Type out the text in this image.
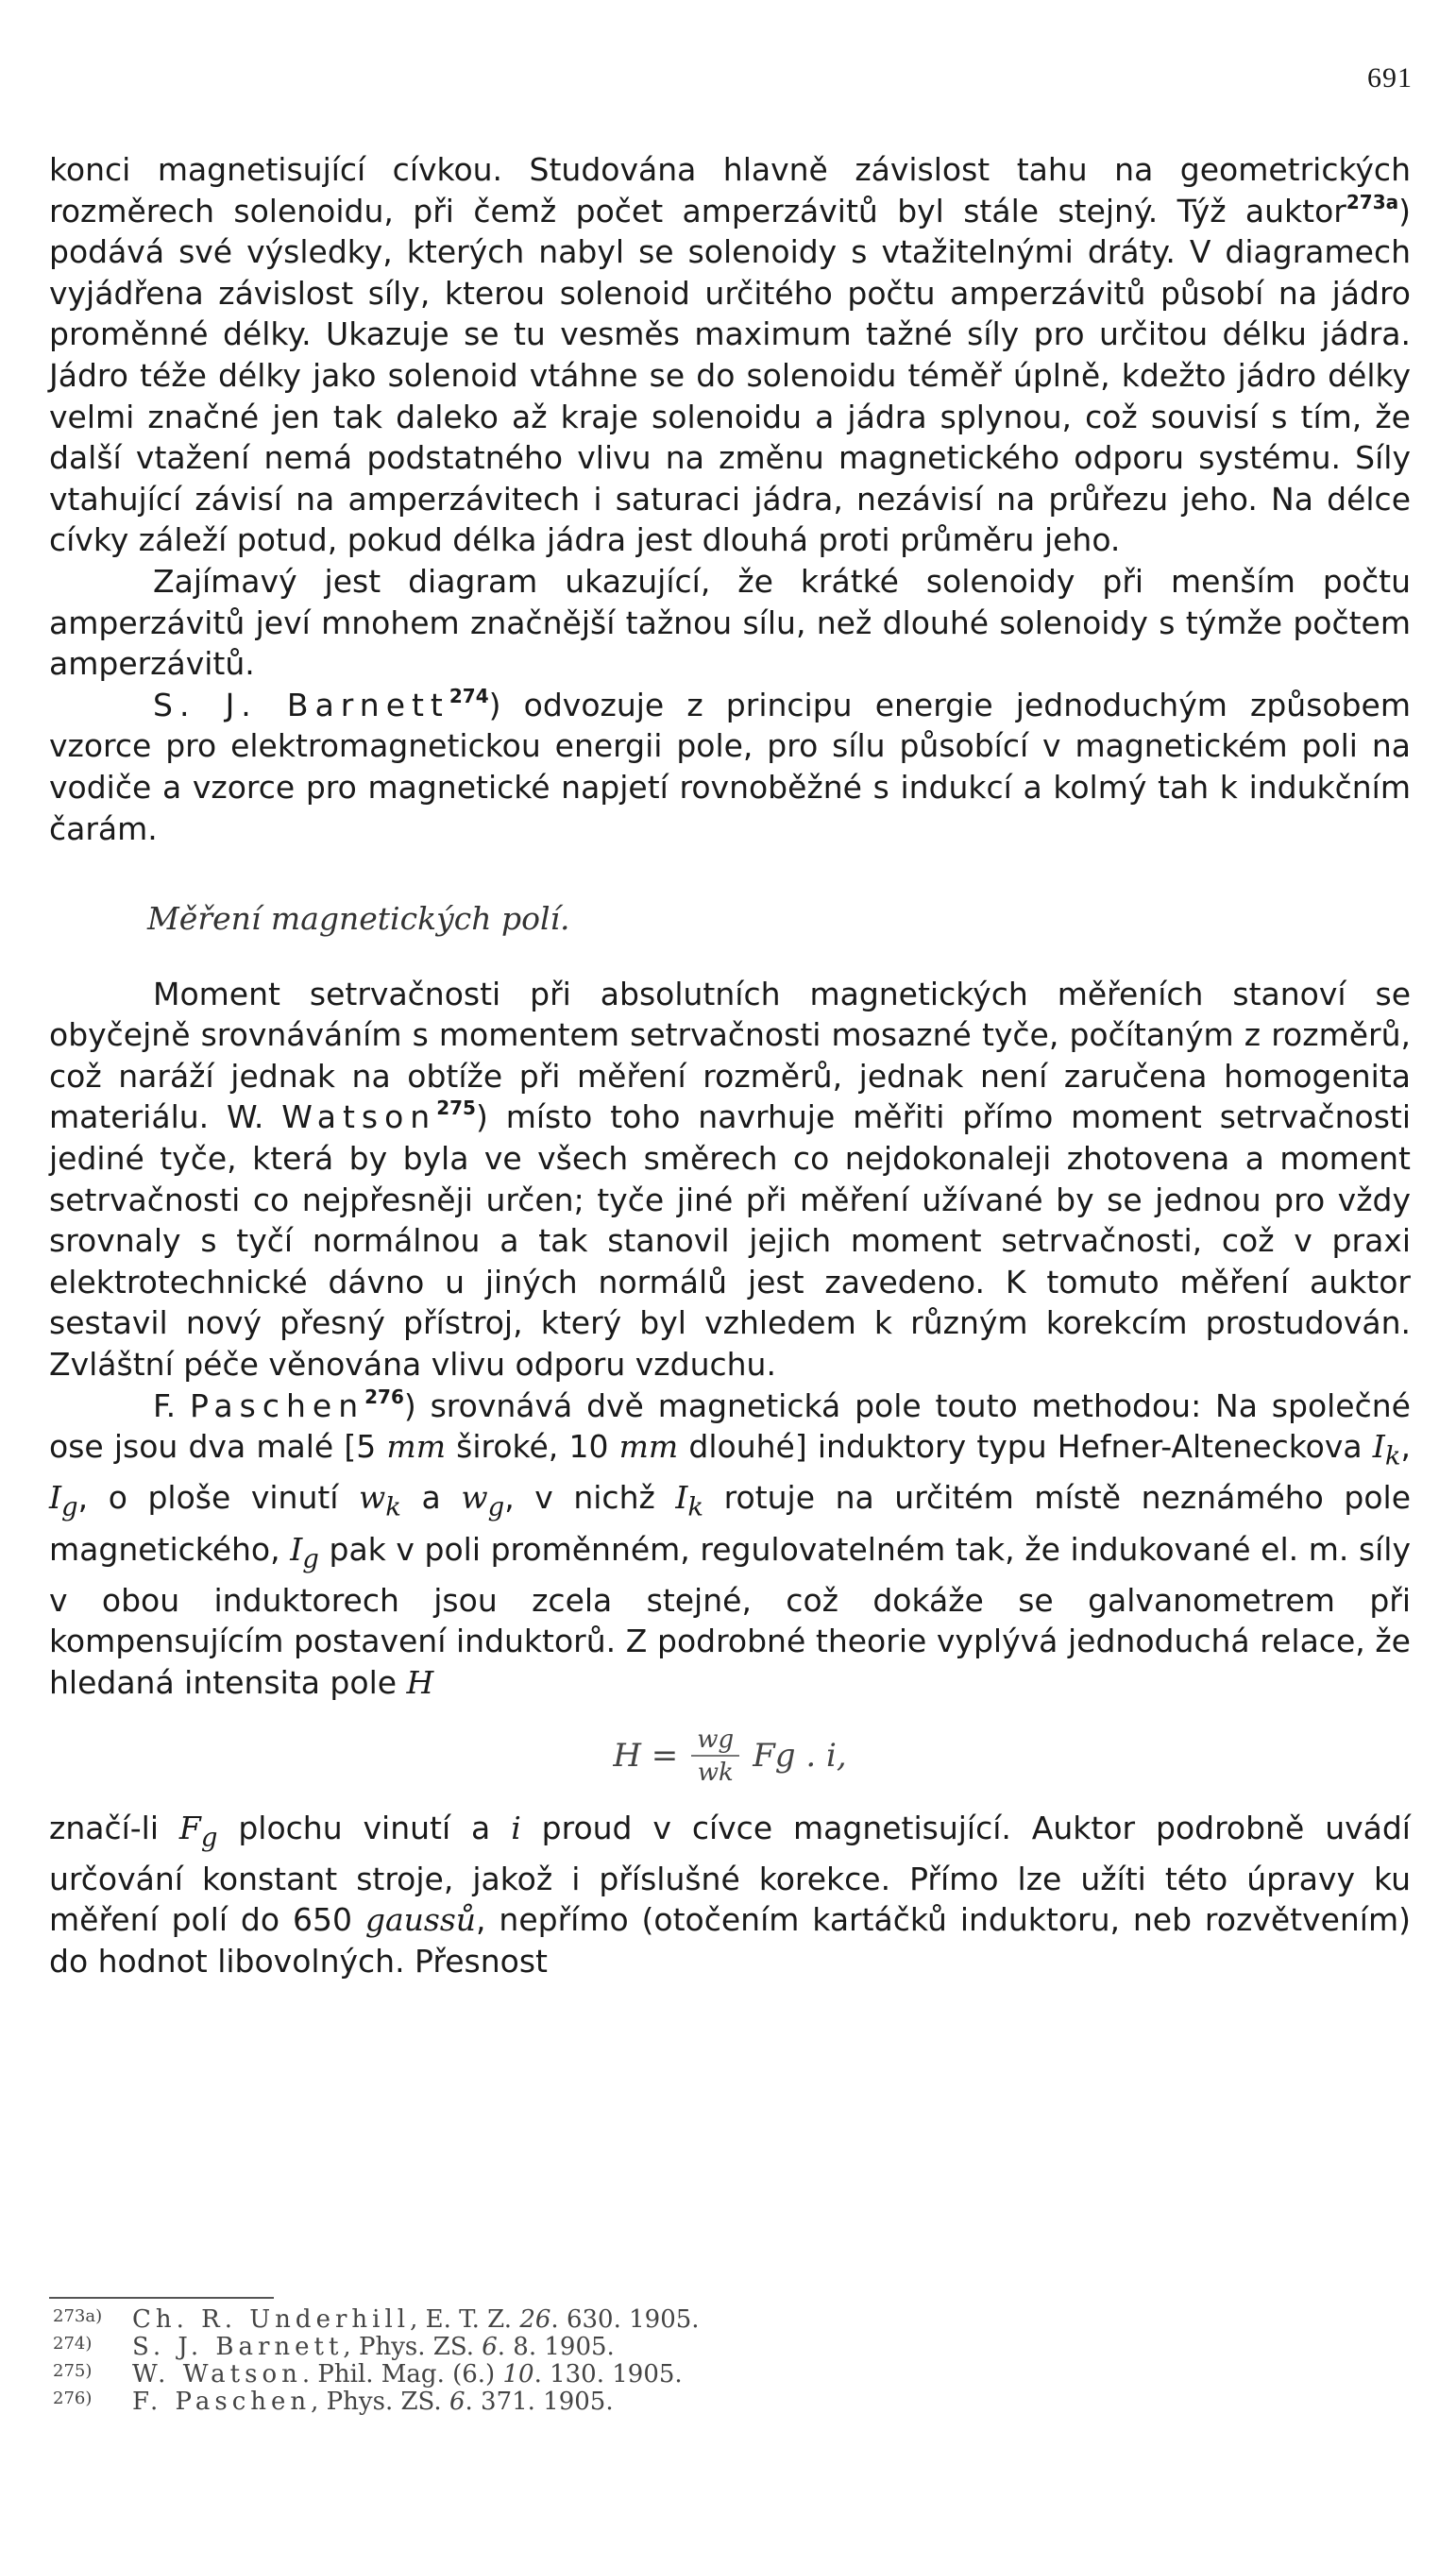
691

konci magnetisující cívkou. Studována hlavně závislost tahu na geometrických rozměrech solenoidu, při čemž počet amperzávitů byl stále stejný. Týž auktor$^{273a}$) podává své výsledky, kterých nabyl se solenoidy s vtažitelnými dráty. V diagramech vyjádřena závislost síly, kterou solenoid určitého počtu amperzávitů působí na jádro proměnné délky. Ukazuje se tu vesměs maximum tažné síly pro určitou délku jádra. Jádro téže délky jako solenoid vtáhne se do solenoidu téměř úplně, kdežto jádro délky velmi značné jen tak daleko až kraje solenoidu a jádra splynou, což souvisí s tím, že další vtažení nemá podstatného vlivu na změnu magnetického odporu systému. Síly vtahující závisí na amperzávitech i saturaci jádra, nezávisí na průřezu jeho. Na délce cívky záleží potud, pokud délka jádra jest dlouhá proti průměru jeho.

Zajímavý jest diagram ukazující, že krátké solenoidy při menším počtu amperzávitů jeví mnohem značnější tažnou sílu, než dlouhé solenoidy s týmže počtem amperzávitů.

S. J. Barnett$^{274}$) odvozuje z principu energie jednoduchým způsobem vzorce pro elektromagnetickou energii pole, pro sílu působící v magnetickém poli na vodiče a vzorce pro magnetické napjetí rovnoběžné s indukcí a kolmý tah k indukčním čarám.

Měření magnetických polí.

Moment setrvačnosti při absolutních magnetických měřeních stanoví se obyčejně srovnáváním s momentem setrvačnosti mosazné tyče, počítaným z rozměrů, což naráží jednak na obtíže při měření rozměrů, jednak není zaručena homogenita materiálu. W. Watson$^{275}$) místo toho navrhuje měřiti přímo moment setrvačnosti jediné tyče, která by byla ve všech směrech co nejdokonaleji zhotovena a moment setrvačnosti co nejpřesněji určen; tyče jiné při měření užívané by se jednou pro vždy srovnaly s tyčí normálnou a tak stanovil jejich moment setrvačnosti, což v praxi elektrotechnické dávno u jiných normálů jest zavedeno. K tomuto měření auktor sestavil nový přesný přístroj, který byl vzhledem k různým korekcím prostudován. Zvláštní péče věnována vlivu odporu vzduchu.

F. Paschen$^{276}$) srovnává dvě magnetická pole touto methodou: Na společné ose jsou dva malé [5 mm široké, 10 mm dlouhé] induktory typu Hefner-Alteneckova $I_k$, $I_g$, o ploše vinutí $w_k$ a $w_g$, v nichž $I_k$ rotuje na určitém místě neznámého pole magnetického, $I_g$ pak v poli proměnném, regulovatelném tak, že indukované el. m. síly v obou induktorech jsou zcela stejné, což dokáže se galvanometrem při kompensujícím postavení induktorů. Z podrobné theorie vyplývá jednoduchá relace, že hledaná intensita pole H

$H = \frac{wg}{wk}$ Fg . i,

značí-li $F_g$ plochu vinutí a i proud v cívce magnetisující. Auktor podrobně uvádí určování konstant stroje, jakož i příslušné korekce. Přímo lze užíti této úpravy ku měření polí do 650 gaussů, nepřímo (otočením kartáčků induktoru, neb rozvětvením) do hodnot libovolných. Přesnost

273a) Ch. R. Underhill, E. T. Z. 26. 630. 1905.
274) S. J. Barnett, Phys. ZS. 6. 8. 1905.
275) W. Watson. Phil. Mag. (6.) 10. 130. 1905.
276) F. Paschen, Phys. ZS. 6. 371. 1905.
